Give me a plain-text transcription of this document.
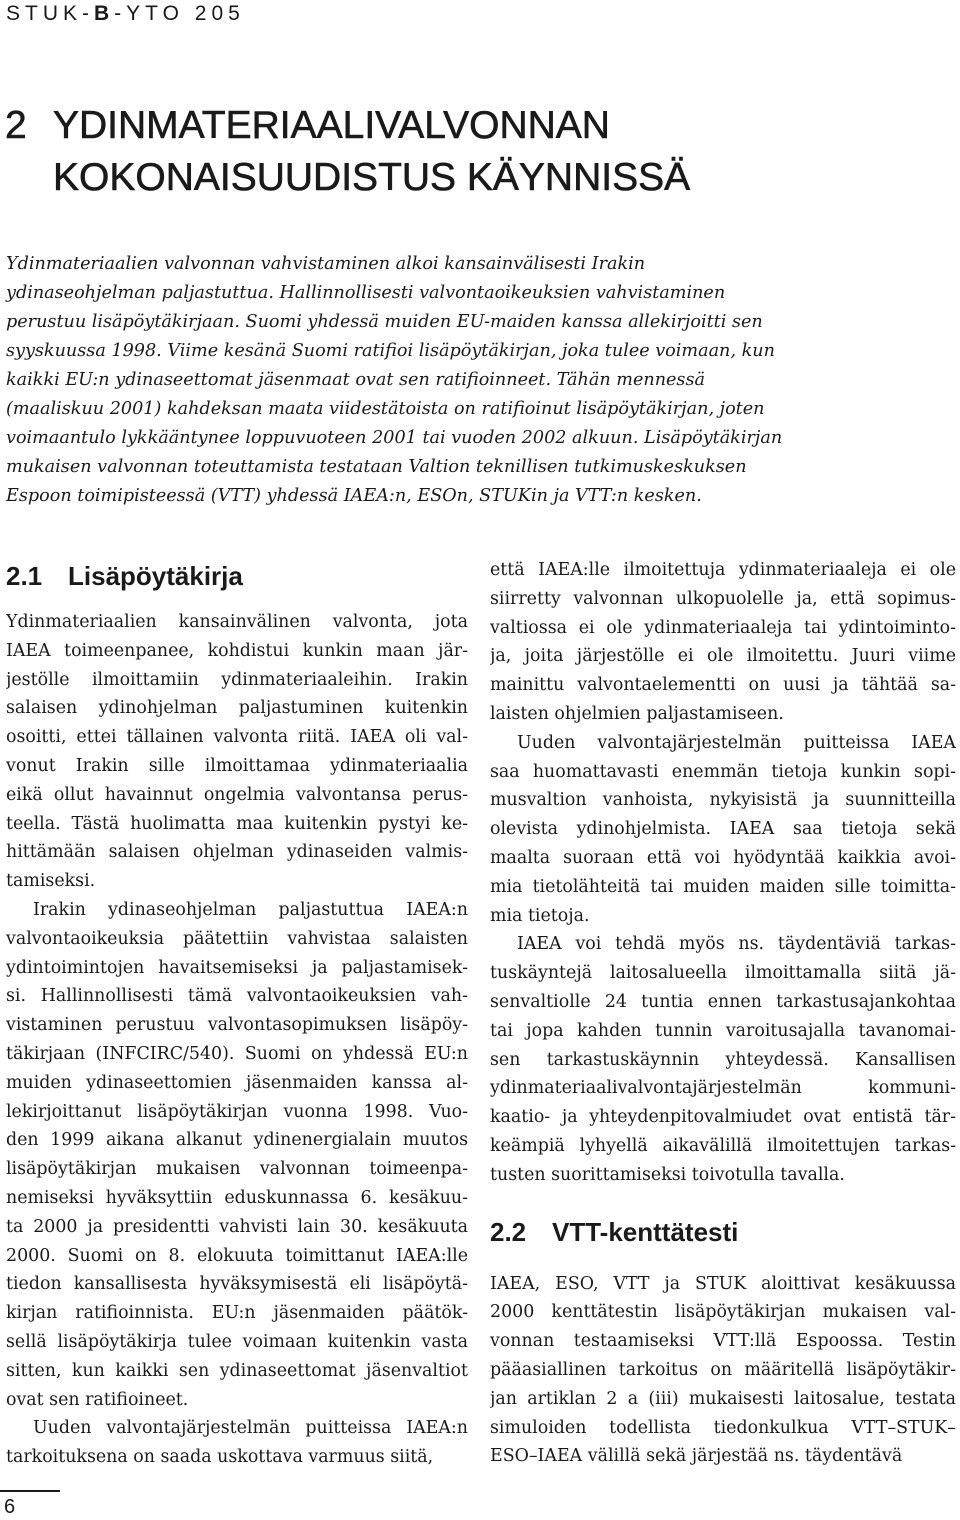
STUK-B-YTO 205
2 YDINMATERIAALIVALVONNAN
KOKONAISUUDISTUS KÄYNNISSÄ

Ydinmateriaalien valvonnan vahvistaminen alkoi kansainvälisesti Irakin
ydinaseohjelman paljastuttua. Hallinnollisesti valvontaoikeuksien vahvistaminen
perustuu lisäpöytäkirjaan. Suomi yhdessä muiden EU-maiden kanssa allekirjoitti sen
syyskuussa 1998. Viime kesänä Suomi ratifioi lisäpöytäkirjan, joka tulee voimaan, kun
kaikki EU:n ydinaseettomat jäsenmaat ovat sen ratifioinneet. Tähän mennessä
(maaliskuu 2001) kahdeksan maata viidestätoista on ratifioinut lisäpöytäkirjan, joten
voimaantulo lykkääntynee loppuvuoteen 2001 tai vuoden 2002 alkuun. Lisäpöytäkirjan
mukaisen valvonnan toteuttamista testataan Valtion teknillisen tutkimuskeskuksen
Espoon toimipisteessä (VTT) yhdessä IAEA:n, ESOn, STUKin ja VTT:n kesken.

2.1 Lisäpöytäkirja

Ydinmateriaalien kansainvälinen valvonta, jota
IAEA toimeenpanee, kohdistui kunkin maan jär-
jestölle ilmoittamiin ydinmateriaaleihin. Irakin
salaisen ydinohjelman paljastuminen kuitenkin
osoitti, ettei tällainen valvonta riitä. IAEA oli val-
vonut Irakin sille ilmoittamaa ydinmateriaalia
eikä ollut havainnut ongelmia valvontansa perus-
teella. Tästä huolimatta maa kuitenkin pystyi ke-
hittämään salaisen ohjelman ydinaseiden valmis-
tamiseksi.

Irakin ydinaseohjelman paljastuttua IAEA:n
valvontaoikeuksia päätettiin vahvistaa salaisten
ydintoimintojen havaitsemiseksi ja paljastamisek-
si. Hallinnollisesti tämä valvontaoikeuksien vah-
vistaminen perustuu valvontasopimuksen lisäpöy-
täkirjaan (INFCIRC/540). Suomi on yhdessä EU:n
muiden ydinaseettomien jäsenmaiden kanssa al-
lekirjoittanut lisäpöytäkirjan vuonna 1998. Vuo-
den 1999 aikana alkanut ydinenergialain muutos
lisäpöytäkirjan mukaisen valvonnan toimeenpa-
nemiseksi hyväksyttiin eduskunnassa 6. kesäkuu-
ta 2000 ja presidentti vahvisti lain 30. kesäkuuta
2000. Suomi on 8. elokuuta toimittanut IAEA:lle
tiedon kansallisesta hyväksymisestä eli lisäpöytä-
kirjan ratifioinnista. EU:n jäsenmaiden päätök-
sellä lisäpöytäkirja tulee voimaan kuitenkin vasta
sitten, kun kaikki sen ydinaseettomat jäsenvaltiot
ovat sen ratifioineet.

Uuden valvontajärjestelmän puitteissa IAEA:n
tarkoituksena on saada uskottava varmuus siitä,

että IAEA:lle ilmoitettuja ydinmateriaaleja ei ole
siirretty valvonnan ulkopuolelle ja, että sopimus-
valtiossa ei ole ydinmateriaaleja tai ydintoiminto-
ja, joita järjestölle ei ole ilmoitettu. Juuri viime
mainittu valvontaelementti on uusi ja tähtää sa-
laisten ohjelmien paljastamiseen.

Uuden valvontajärjestelmän puitteissa IAEA
saa huomattavasti enemmän tietoja kunkin sopi-
musvaltion vanhoista, nykyisistä ja suunnitteilla
olevista ydinohjelmista. IAEA saa tietoja sekä
maalta suoraan että voi hyödyntää kaikkia avoi-
mia tietolähteitä tai muiden maiden sille toimitta-
mia tietoja.

IAEA voi tehdä myös ns. täydentäviä tarkas-
tuskäyntejä laitosalueella ilmoittamalla siitä jä-
senvaltiolle 24 tuntia ennen tarkastusajankohtaa
tai jopa kahden tunnin varoitusajalla tavanomai-
sen tarkastuskäynnin yhteydessä. Kansallisen
ydinmateriaalivalvontajärjestelmän kommuni-
kaatio- ja yhteydenpitovalmiudet ovat entistä tär-
keämpiä lyhyellä aikavälillä ilmoitettujen tarkas-
tusten suorittamiseksi toivotulla tavalla.

2.2 VTT-kenttätesti

IAEA, ESO, VTT ja STUK aloittivat kesäkuussa
2000 kenttätestin lisäpöytäkirjan mukaisen val-
vonnan testaamiseksi VTT:llä Espoossa. Testin
pääasiallinen tarkoitus on määritellä lisäpöytäkir-
jan artiklan 2 a (iii) mukaisesti laitosalue, testata
simuloiden todellista tiedonkulkua VTT–STUK–
ESO–IAEA välillä sekä järjestää ns. täydentävä

6
